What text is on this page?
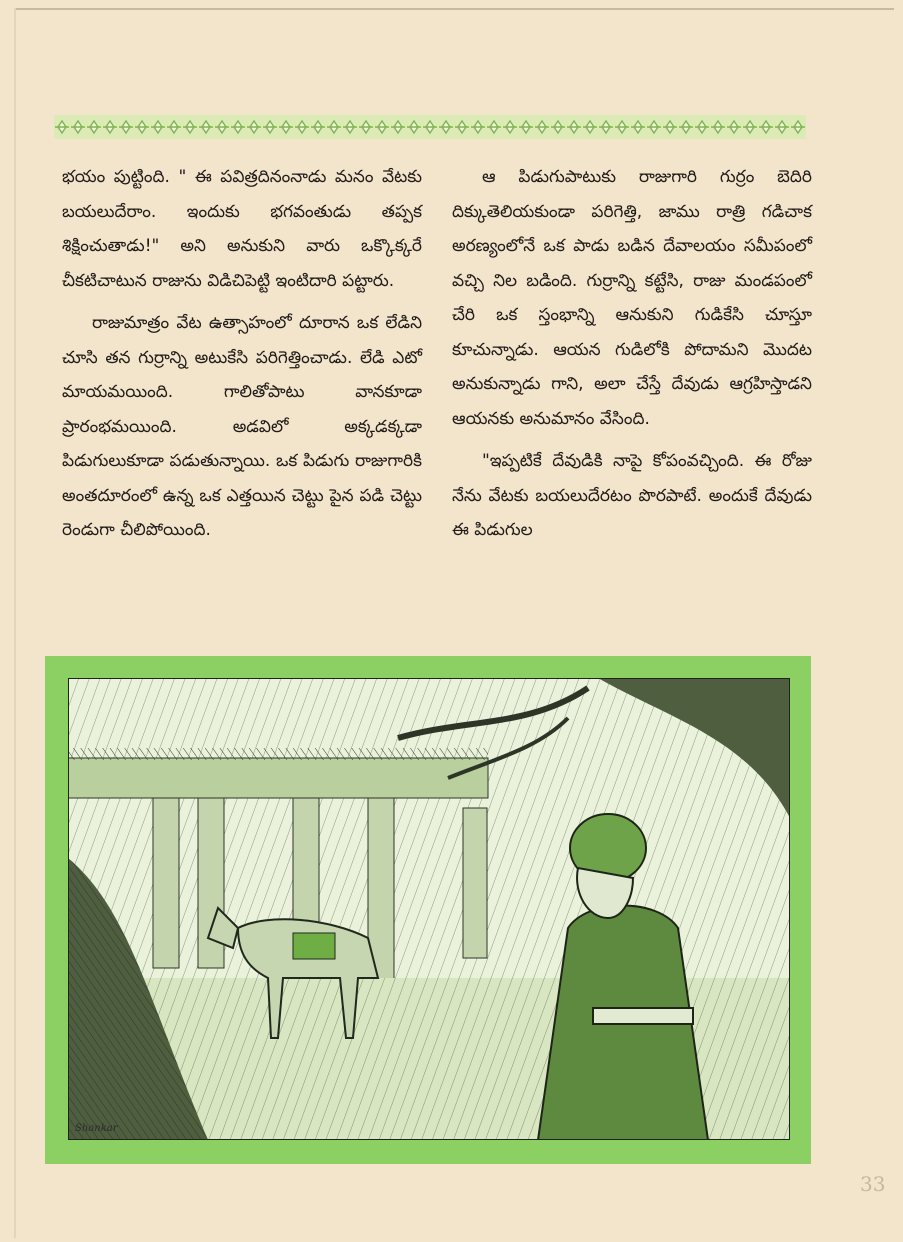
భయం పుట్టింది. " ఈ పవిత్రదినంనాడు మనం వేటకు బయలుదేరాం. ఇందుకు భగవంతుడు తప్పక శిక్షించుతాడు!" అని అనుకుని వారు ఒక్కొక్కరే చీకటిచాటున రాజును విడిచిపెట్టి ఇంటిదారి పట్టారు.

రాజుమాత్రం వేట ఉత్సాహంలో దూరాన ఒక లేడిని చూసి తన గుర్రాన్ని అటుకేసి పరిగెత్తించాడు. లేడి ఎటో మాయమయింది. గాలితోపాటు వానకూడా ప్రారంభమయింది. అడవిలో అక్కడక్కడా పిడుగులుకూడా పడుతున్నాయి. ఒక పిడుగు రాజుగారికి అంతదూరంలో ఉన్న ఒక ఎత్తయిన చెట్టు పైన పడి చెట్టు రెండుగా చీలిపోయింది.

ఆ పిడుగుపాటుకు రాజుగారి గుర్రం బెదిరి దిక్కుతెలియకుండా పరిగెత్తి, జాము రాత్రి గడిచాక అరణ్యంలోనే ఒక పాడు బడిన దేవాలయం సమీపంలో వచ్చి నిల బడింది. గుర్రాన్ని కట్టేసి, రాజు మండపంలో చేరి ఒక స్తంభాన్ని ఆనుకుని గుడికేసి చూస్తూ కూచున్నాడు. ఆయన గుడిలోకి పోదామని మొదట అనుకున్నాడు గాని, అలా చేస్తే దేవుడు ఆగ్రహిస్తాడని ఆయనకు అనుమానం వేసింది.

"ఇప్పటికే దేవుడికి నాపై కోపంవచ్చింది. ఈ రోజు నేను వేటకు బయలుదేరటం పొరపాటే. అందుకే దేవుడు ఈ పిడుగుల

Shankar
33
